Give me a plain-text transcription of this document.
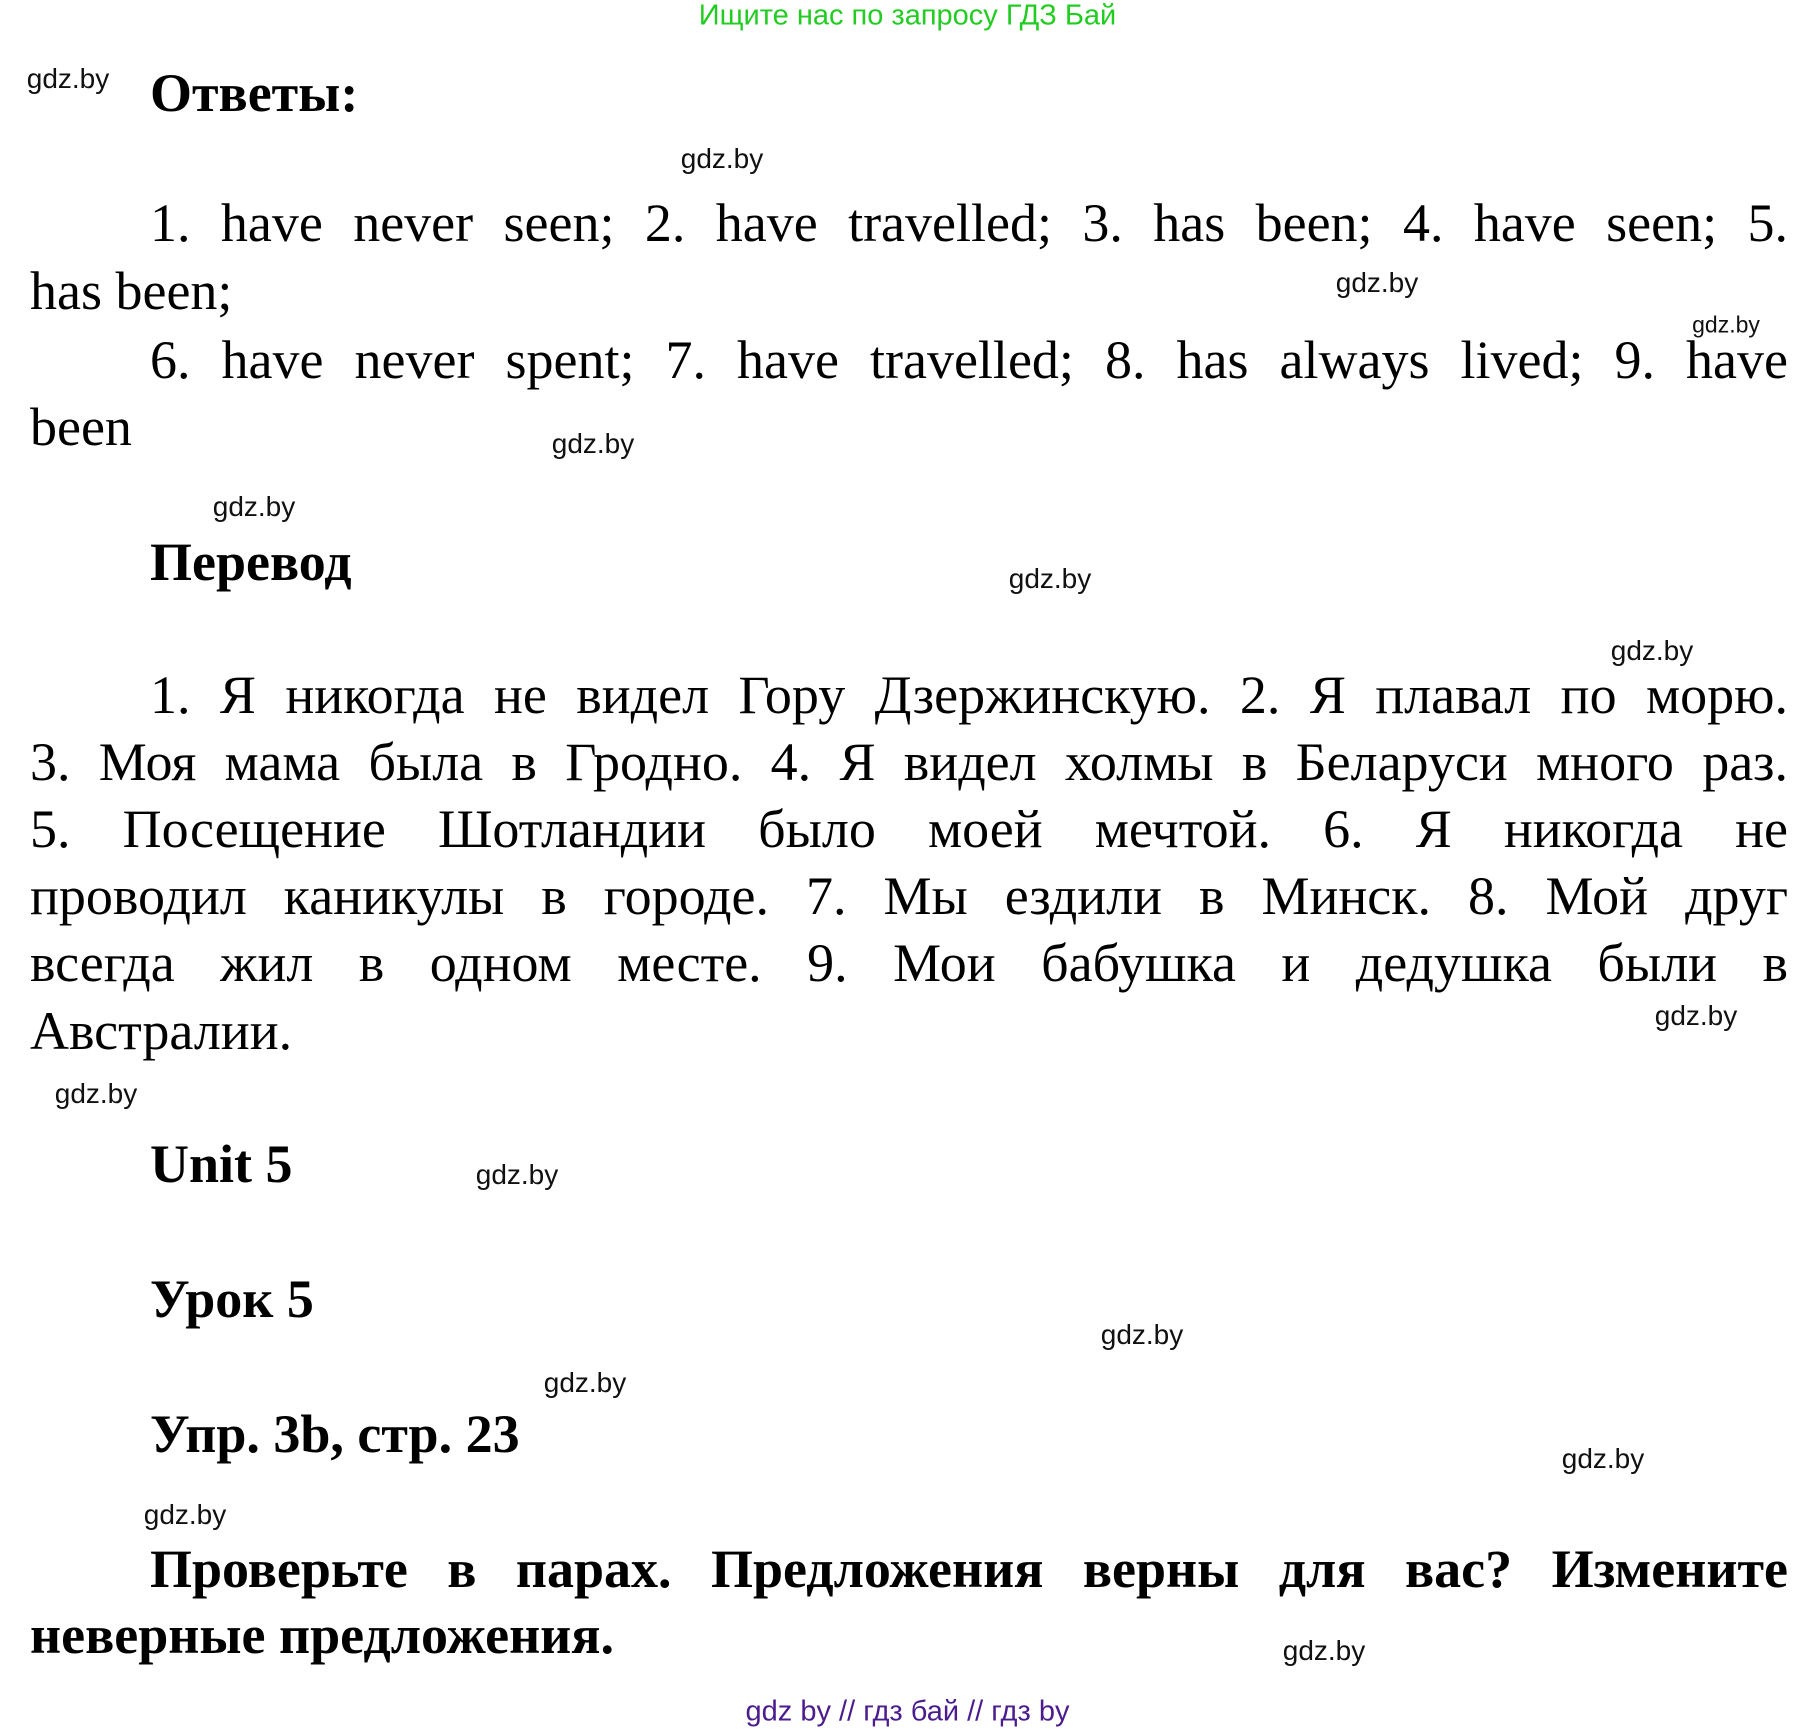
Ищите нас по запросу ГДЗ Бай
Ответы:
1. have never seen; 2. have travelled; 3. has been; 4. have seen; 5.
has been;
6. have never spent; 7. have travelled; 8. has always lived; 9. have
been
Перевод
1. Я никогда не видел Гору Дзержинскую. 2. Я плавал по морю.
3. Моя мама была в Гродно. 4. Я видел холмы в Беларуси много раз.
5. Посещение Шотландии было моей мечтой. 6. Я никогда не
проводил каникулы в городе. 7. Мы ездили в Минск. 8. Мой друг
всегда жил в одном месте. 9. Мои бабушка и дедушка были в
Австралии.
Unit 5
Урок 5
Упр. 3b, стр. 23
Проверьте в парах. Предложения верны для вас? Измените
неверные предложения.
gdz.by
gdz.by
gdz.by
gdz.by
gdz.by
gdz.by
gdz.by
gdz.by
gdz.by
gdz.by
gdz.by
gdz.by
gdz.by
gdz.by
gdz.by
gdz.by
gdz by // гдз бай // гдз by
